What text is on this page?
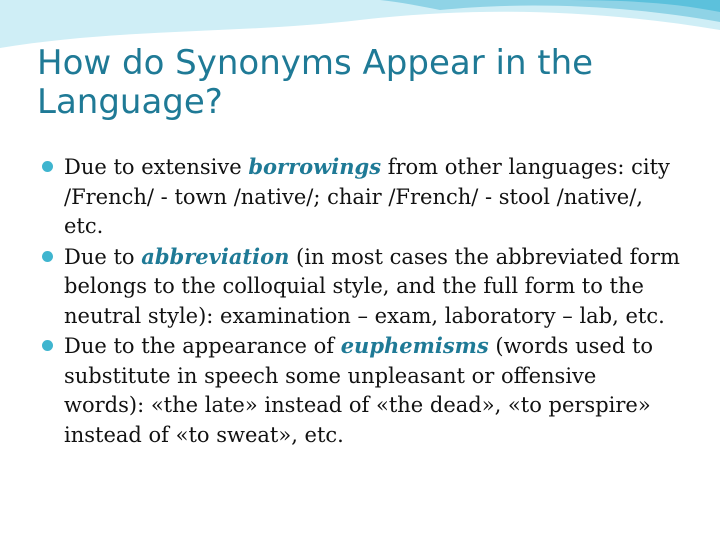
How do Synonyms Appear in the Language?
Due to extensive borrowings from other languages: city /French/ - town /native/; chair /French/ - stool /native/, etc.
Due to abbreviation (in most cases the abbreviated form belongs to the colloquial style, and the full form to the neutral style): examination – exam, laboratory – lab, etc.
Due to the appearance of euphemisms (words used to substitute in speech some unpleasant or offensive words): «the late» instead of «the dead», «to perspire» instead of «to sweat», etc.
